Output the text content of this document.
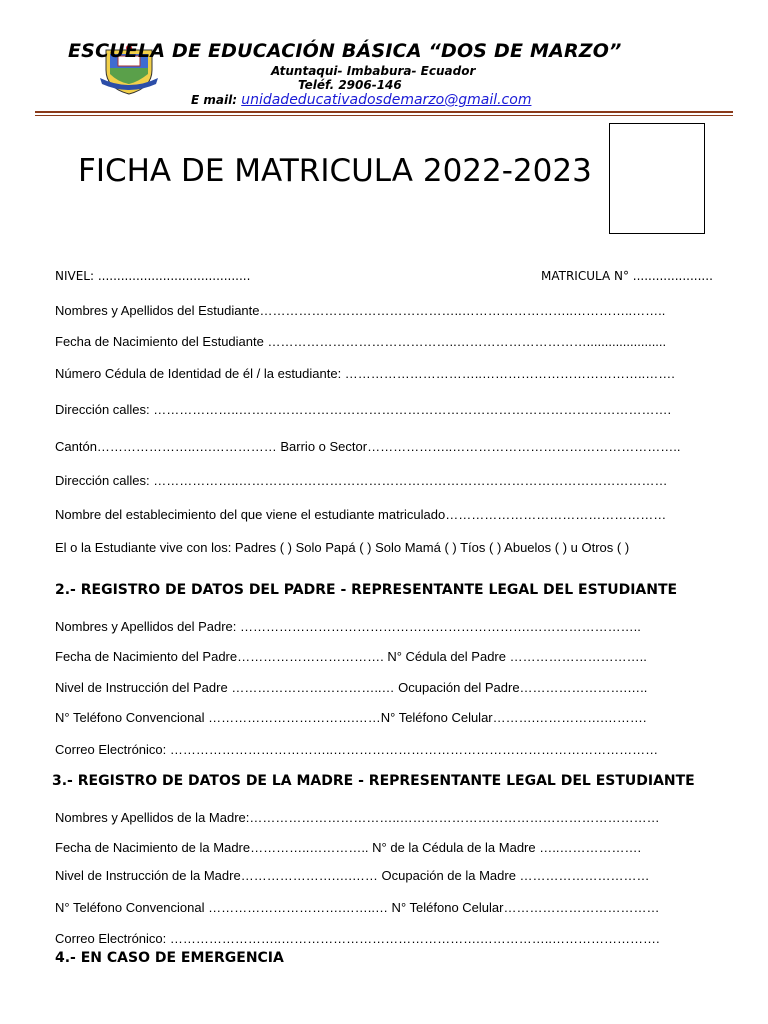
ESCUELA DE EDUCACIÓN BÁSICA “DOS DE MARZO”
Atuntaqui- Imbabura- Ecuador
Teléf. 2906-146
E mail: unidadeducativadosdemarzo@gmail.com
FICHA DE MATRICULA 2022-2023
NIVEL: ........................................	MATRICULA N° .....................
Nombres y Apellidos del Estudiante………………………………………..……………………..…………..……..
Fecha de Nacimiento del Estudiante ……………………………………..…………………………......................
Número Cédula de Identidad de él / la estudiante: …………………………..………………………………..…….
Dirección calles: ………………..……………………………………………………………………………………….
Cantón…………………..….…………… Barrio o Sector………………..……………………………………………..
Dirección calles: ………………..………………………………………………………………………………………
Nombre del establecimiento del que viene el estudiante matriculado……………………………………………
El o la Estudiante vive con los: Padres ( ) Solo Papá ( ) Solo Mamá ( ) Tíos ( ) Abuelos ( ) u Otros ( )
2.- REGISTRO DE DATOS DEL PADRE - REPRESENTANTE LEGAL DEL ESTUDIANTE
Nombres y Apellidos del Padre: ………………………………………………………….……………………..
Fecha de Nacimiento del Padre……………………………. N° Cédula del Padre …………………………..
Nivel de Instrucción del Padre ……………………………..… Ocupación del Padre…………………….…..
N° Teléfono Convencional …………………………….……N° Teléfono Celular……….…………….……….
Correo Electrónico: ………………………………..…………………………………………………………………
3.- REGISTRO DE DATOS DE LA MADRE - REPRESENTANTE LEGAL DEL ESTUDIANTE
Nombres y Apellidos de la Madre:……………………………..……………………………………………………
Fecha de Nacimiento de la Madre…………..………….. N° de la Cédula de la Madre …..……………….
Nivel de Instrucción de la Madre………………….….…… Ocupación de la Madre …………………………
N° Teléfono Convencional ………………………….……..… N° Teléfono Celular………………………………
Correo Electrónico: ……………………..……………………………………….……………..…………………….
4.- EN CASO DE EMERGENCIA
